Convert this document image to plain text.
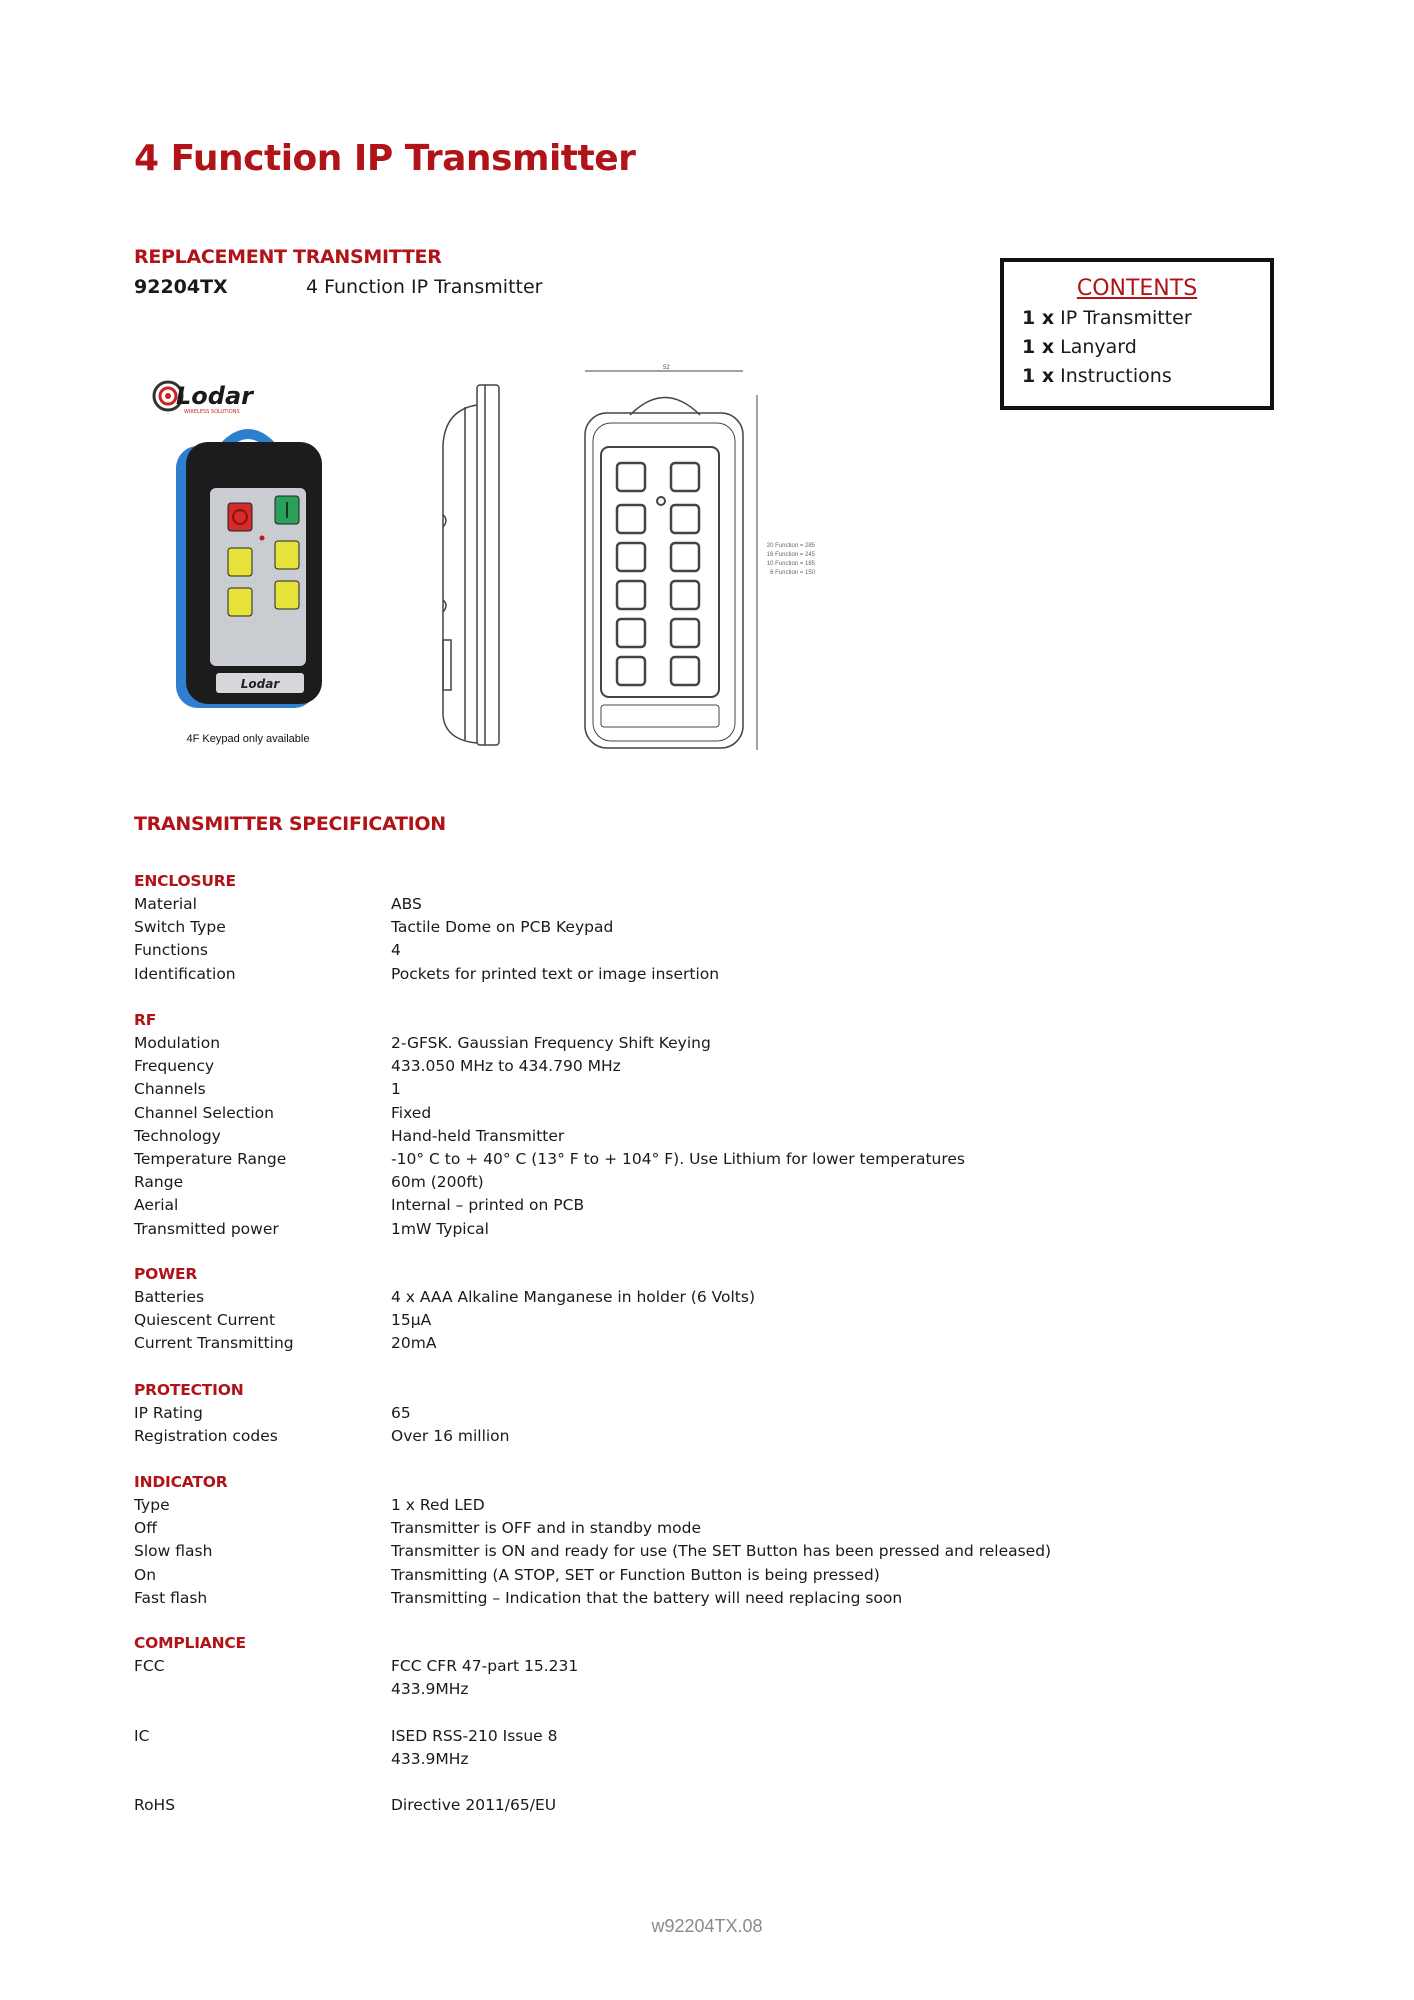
4 Function IP Transmitter
REPLACEMENT TRANSMITTER
92204TX	4 Function IP Transmitter	CONTENTS
1 x IP Transmitter
1 x Lanyard
1 x Instructions
Lodar
WIRELESS SOLUTIONS
Lodar
4F Keypad only available
52
20 Function = 285
16 Function = 245
10 Function = 185
6 Function = 150
TRANSMITTER SPECIFICATION
ENCLOSURE
Material	ABS
Switch Type	Tactile Dome on PCB Keypad
Functions	4
Identification	Pockets for printed text or image insertion
RF
Modulation	2-GFSK. Gaussian Frequency Shift Keying
Frequency	433.050 MHz to 434.790 MHz
Channels	1
Channel Selection	Fixed
Technology	Hand-held Transmitter
Temperature Range	-10° C to + 40° C (13° F to + 104° F). Use Lithium for lower temperatures
Range	60m (200ft)
Aerial	Internal – printed on PCB
Transmitted power	1mW Typical
POWER
Batteries	4 x AAA Alkaline Manganese in holder (6 Volts)
Quiescent Current	15µA
Current Transmitting	20mA
PROTECTION
IP Rating	65
Registration codes	Over 16 million
INDICATOR
Type	1 x Red LED
Off	Transmitter is OFF and in standby mode
Slow flash	Transmitter is ON and ready for use (The SET Button has been pressed and released)
On	Transmitting (A STOP, SET or Function Button is being pressed)
Fast flash	Transmitting – Indication that the battery will need replacing soon
COMPLIANCE
FCC	FCC CFR 47-part 15.231
433.9MHz
IC	ISED RSS-210 Issue 8
433.9MHz
RoHS	Directive 2011/65/EU
w92204TX.08
